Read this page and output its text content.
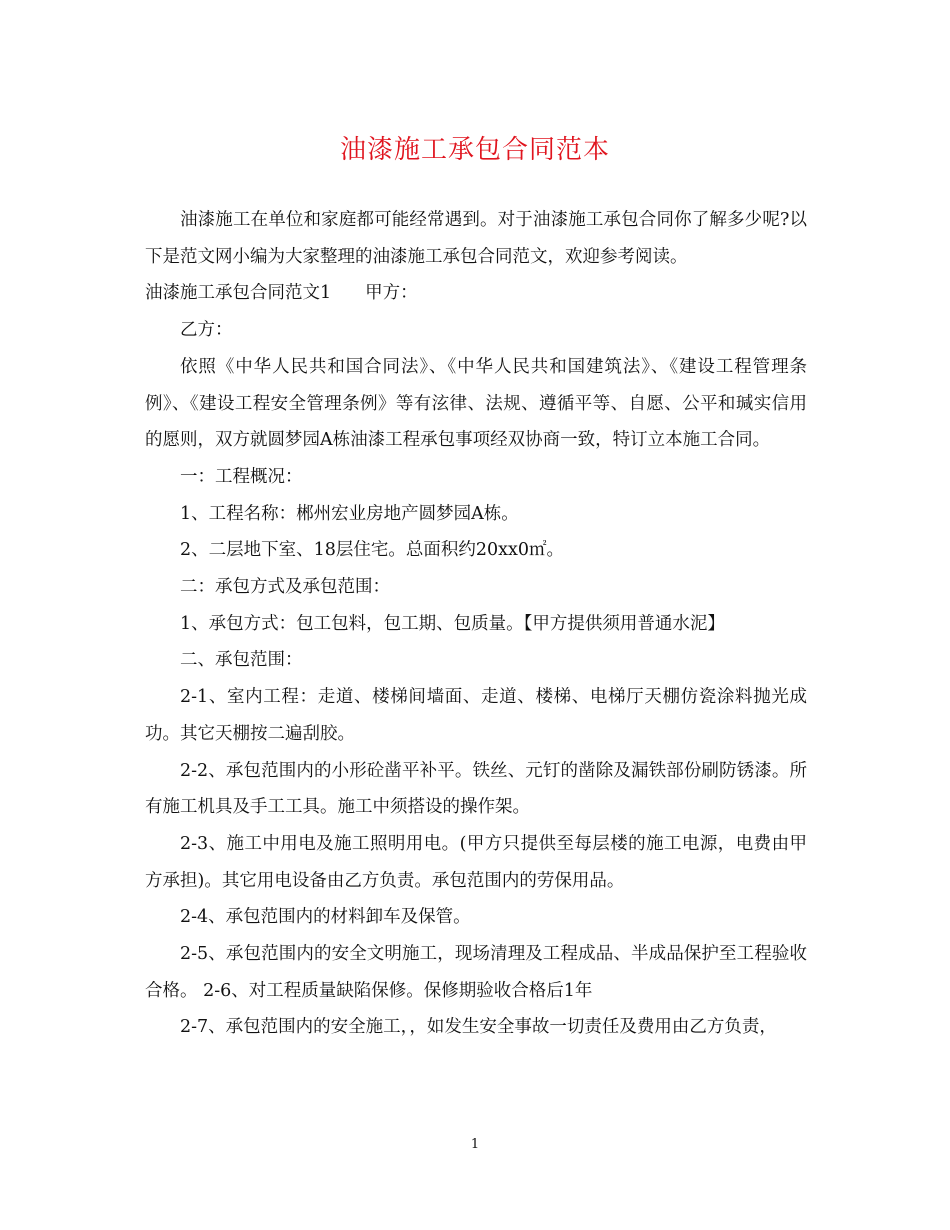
油漆施工承包合同范本

油漆施工在单位和家庭都可能经常遇到。对于油漆施工承包合同你了解多少呢?以下是范文网小编为大家整理的油漆施工承包合同范文，欢迎参考阅读。

油漆施工承包合同范文1 甲方：

乙方：

依照《中华人民共和国合同法》、《中华人民共和国建筑法》、《建设工程管理条例》、《建设工程安全管理条例》等有泫律、法规、遵循平等、自愿、公平和瑊实信用的愿则，双方就圆梦园A栋油漆工程承包事项经双协商一致，特订立本施工合同。

一：工程概况：

1、工程名称：郴州宏业房地产圆梦园A栋。

2、二层地下室、18层住宅。总面积约20xx0㎡。

二：承包方式及承包范围：

1、承包方式：包工包料，包工期、包质量。【甲方提供须用普通水泥】

二、承包范围：

2-1、室内工程：走道、楼梯间墙面、走道、楼梯、电梯厅天棚仿瓷涂料抛光成功。其它天棚按二遍刮胶。

2-2、承包范围内的小形砼凿平补平。铁丝、元钉的凿除及漏铁部份刷防锈漆。所有施工机具及手工工具。施工中须搭设的操作架。

2-3、施工中用电及施工照明用电。(甲方只提供至每层楼的施工电源，电费由甲方承担)。其它用电设备由乙方负责。承包范围内的劳保用品。

2-4、承包范围内的材料卸车及保管。

2-5、承包范围内的安全文明施工，现场清理及工程成品、半成品保护至工程验收合格。 2-6、对工程质量缺陷保修。保修期验收合格后1年

2-7、承包范围内的安全施工，，如发生安全事故一切责任及费用由乙方负责，

1
